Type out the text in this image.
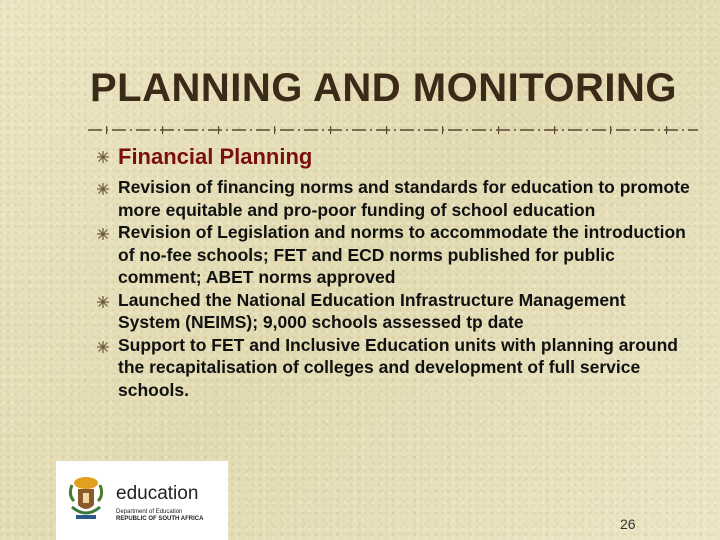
PLANNING AND MONITORING
Financial Planning
Revision of financing norms and standards for education to promote more equitable and pro-poor funding of school education
Revision of Legislation and norms to accommodate the introduction of no-fee schools; FET and ECD norms published for public comment; ABET norms approved
Launched the National Education Infrastructure Management System (NEIMS); 9,000 schools assessed tp date
Support to FET and Inclusive Education units with planning around the recapitalisation of colleges and development of full service schools.
education
Department of Education
REPUBLIC OF SOUTH AFRICA	26
